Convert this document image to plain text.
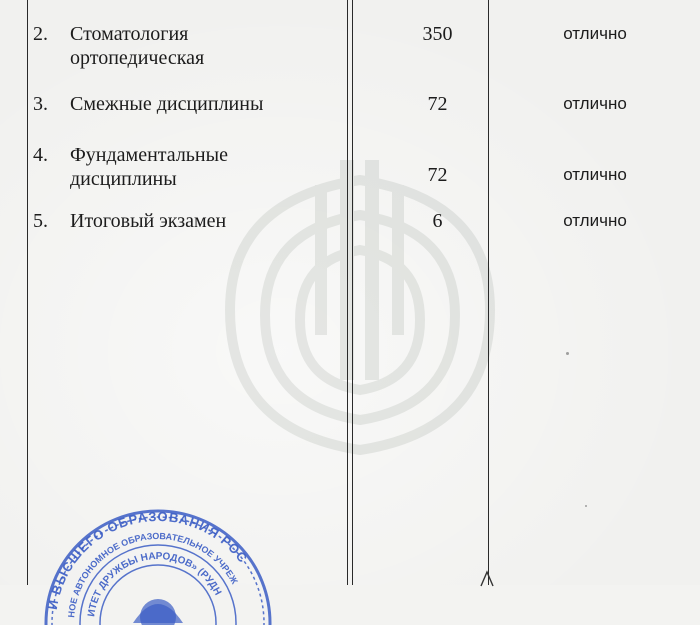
2.	Стоматология
ортопедическая
350	отлично
3.	Смежные дисциплины	72	отлично
4.	Фундаментальные
дисциплины	72	отлично
5.	Итоговый экзамен	6	отлично
И ВЫСШЕГО ОБРАЗОВАНИЯ РОС
НОЕ АВТОНОМНОЕ ОБРАЗОВАТЕЛЬНОЕ УЧРЕЖ
ИТЕТ ДРУЖБЫ НАРОДОВ» (РУДН
